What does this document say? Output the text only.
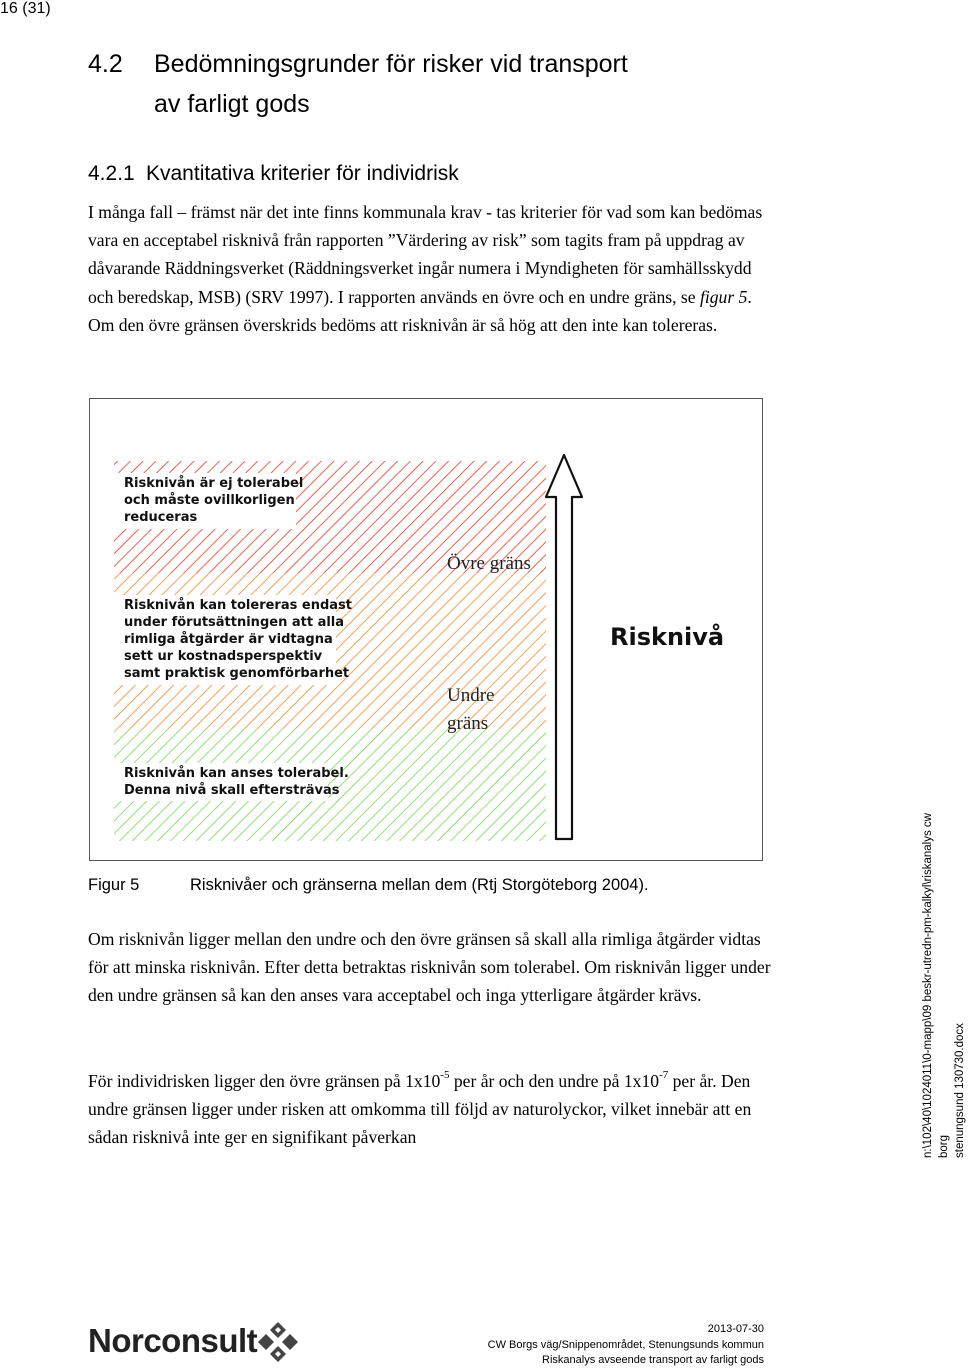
16 (31)
4.2 Bedömningsgrunder för risker vid transport
av farligt gods
4.2.1 Kvantitativa kriterier för individrisk
I många fall – främst när det inte finns kommunala krav - tas kriterier för vad som kan bedömas vara en acceptabel risknivå från rapporten ”Värdering av risk” som tagits fram på uppdrag av dåvarande Räddningsverket (Räddningsverket ingår numera i Myndigheten för samhällsskydd och beredskap, MSB) (SRV 1997). I rapporten används en övre och en undre gräns, se figur 5. Om den övre gränsen överskrids bedöms att risknivån är så hög att den inte kan tolereras.
Risknivån är ej tolerabel och måste ovillkorligen reduceras
Risknivån kan tolereras endast under förutsättningen att alla rimliga åtgärder är vidtagna sett ur kostnadsperspektiv samt praktisk genomförbarhet
Risknivån kan anses tolerabel. Denna nivå skall eftersträvas
Övre gräns
Undre
gräns
Risknivå
Figur 5	Risknivåer och gränserna mellan dem (Rtj Storgöteborg 2004).
Om risknivån ligger mellan den undre och den övre gränsen så skall alla rimliga åtgärder vidtas för att minska risknivån. Efter detta betraktas risknivån som tolerabel. Om risknivån ligger under den undre gränsen så kan den anses vara acceptabel och inga ytterligare åtgärder krävs.
För individrisken ligger den övre gränsen på $1x10^{-5}$ per år och den undre på $1x10^{-7}$ per år. Den undre gränsen ligger under risken att omkomma till följd av naturolyckor, vilket innebär att en sådan risknivå inte ger en signifikant påverkan	n:\102\40\1024011\0-mapp\09 beskr-utredn-pm-kalkyl\riskanalys cw borg stenungsund 130730.docx
Norconsult	2013-07-30
CW Borgs väg/Snippenområdet, Stenungsunds kommun
Riskanalys avseende transport av farligt gods
